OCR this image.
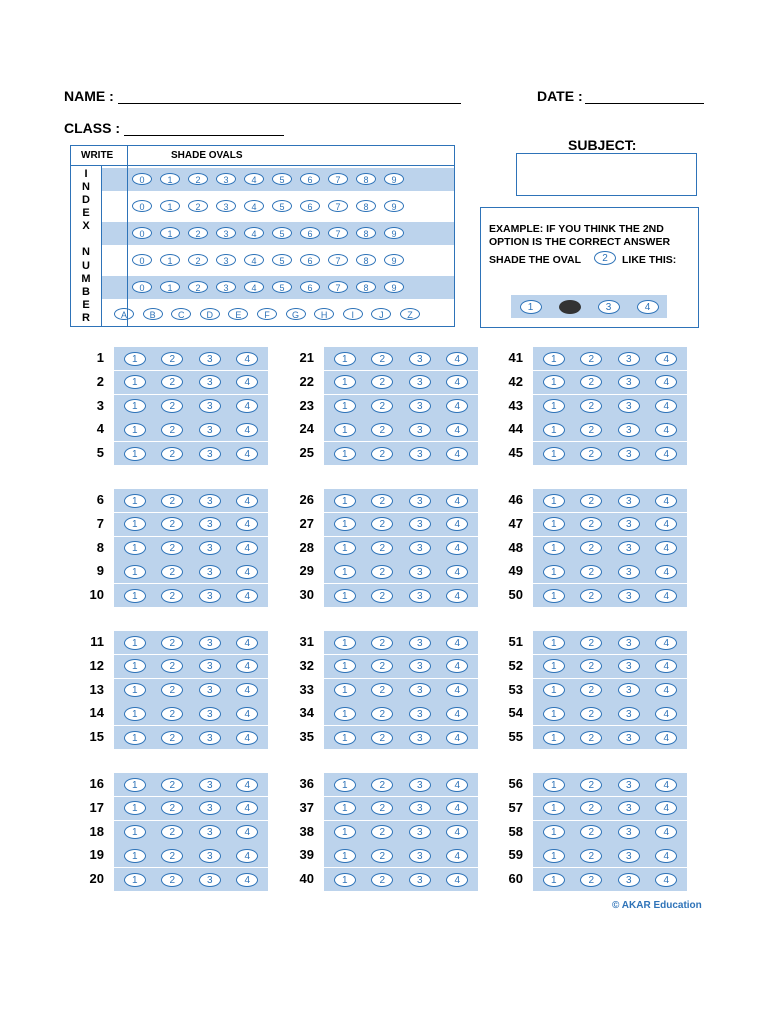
NAME :	DATE :
CLASS :
SUBJECT:
WRITE	SHADE OVALS
I
N
D
E
X
N
U
M
B
E
R
0	1	2	3	4	5	6	7	8	9
0	1	2	3	4	5	6	7	8	9
0	1	2	3	4	5	6	7	8	9
0	1	2	3	4	5	6	7	8	9
0	1	2	3	4	5	6	7	8	9
A	B	C	D	E	F	G	H	I	J	Z
EXAMPLE: IF YOU THINK THE 2ND
OPTION IS THE CORRECT ANSWER
SHADE THE OVAL	2	LIKE THIS:
1	3	4
1	1	2	3	4
2	1	2	3	4
3	1	2	3	4
4	1	2	3	4
5	1	2	3	4
6	1	2	3	4
7	1	2	3	4
8	1	2	3	4
9	1	2	3	4
10	1	2	3	4
11	1	2	3	4
12	1	2	3	4
13	1	2	3	4
14	1	2	3	4
15	1	2	3	4
16	1	2	3	4
17	1	2	3	4
18	1	2	3	4
19	1	2	3	4
20	1	2	3	4
21	1	2	3	4
22	1	2	3	4
23	1	2	3	4
24	1	2	3	4
25	1	2	3	4
26	1	2	3	4
27	1	2	3	4
28	1	2	3	4
29	1	2	3	4
30	1	2	3	4
31	1	2	3	4
32	1	2	3	4
33	1	2	3	4
34	1	2	3	4
35	1	2	3	4
36	1	2	3	4
37	1	2	3	4
38	1	2	3	4
39	1	2	3	4
40	1	2	3	4
41	1	2	3	4
42	1	2	3	4
43	1	2	3	4
44	1	2	3	4
45	1	2	3	4
46	1	2	3	4
47	1	2	3	4
48	1	2	3	4
49	1	2	3	4
50	1	2	3	4
51	1	2	3	4
52	1	2	3	4
53	1	2	3	4
54	1	2	3	4
55	1	2	3	4
56	1	2	3	4
57	1	2	3	4
58	1	2	3	4
59	1	2	3	4
60	1	2	3	4
© AKAR Education
